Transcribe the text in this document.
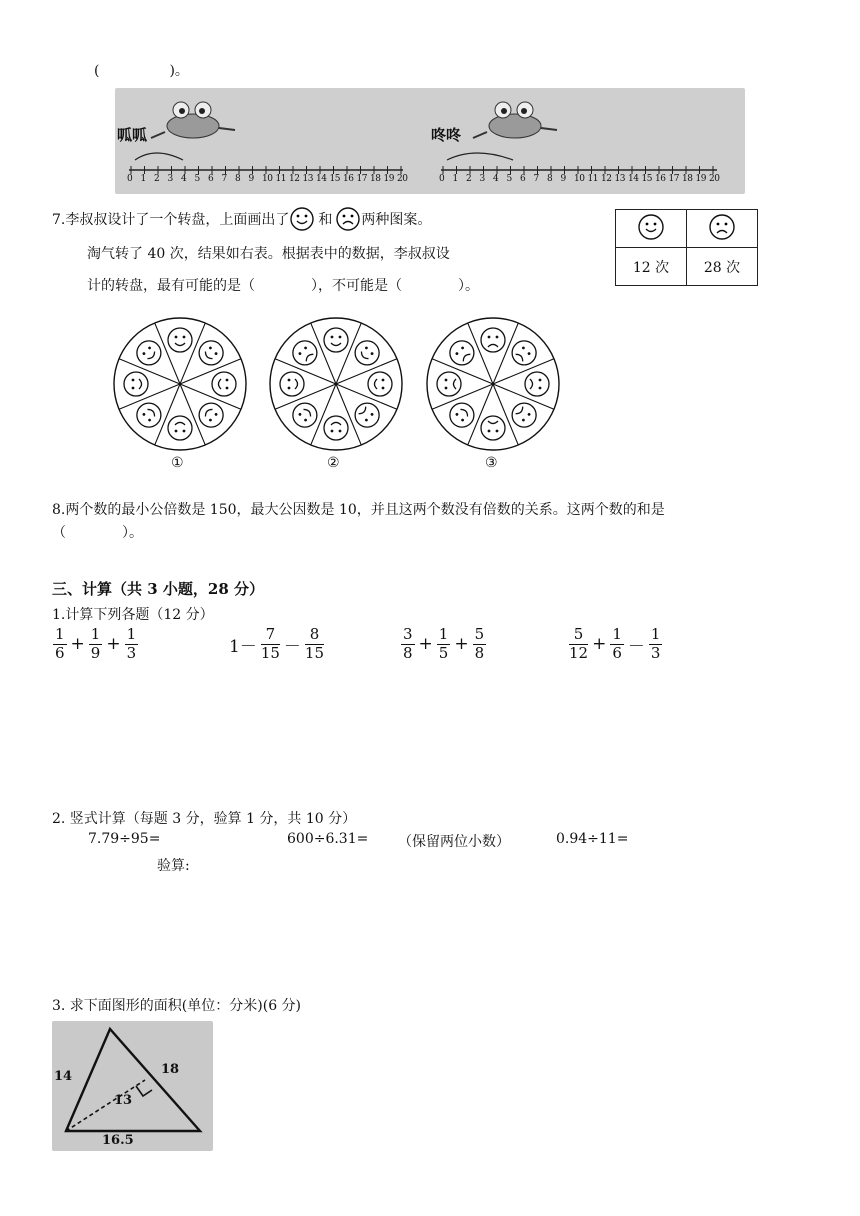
(　　　　　)。
呱呱	咚咚
0 1 2 3 4 5 6 7 8 9 10 11 12 13 14 15 16 17 18 19 20	0 1 2 3 4 5 6 7 8 9 10 11 12 13 14 15 16 17 18 19 20
7.李叔叔设计了一个转盘，上面画出了 和 两种图案。
淘气转了 40 次，结果如右表。根据表中的数据，李叔叔设
计的转盘，最有可能的是（　　　　），不可能是（　　　　）。

12 次	28 次
①	②	③
8.两个数的最小公倍数是 150，最大公因数是 10，并且这两个数没有倍数的关系。这两个数的和是
（　　　　）。
三、计算（共 3 小题，28 分）
1.计算下列各题（12 分）
$\frac{1}{6} + \frac{1}{9} + \frac{1}{3}$	$1- \frac{7}{15} - \frac{8}{15}$	$\frac{3}{8} + \frac{1}{5} + \frac{5}{8}$	$\frac{5}{12} + \frac{1}{6} - \frac{1}{3}$
2. 竖式计算（每题 3 分，验算 1 分，共 10 分）
7.79÷95=	600÷6.31= （保留两位小数）	0.94÷11=
验算:
3. 求下面图形的面积(单位：分米)(6 分)
14	18
13
16.5
